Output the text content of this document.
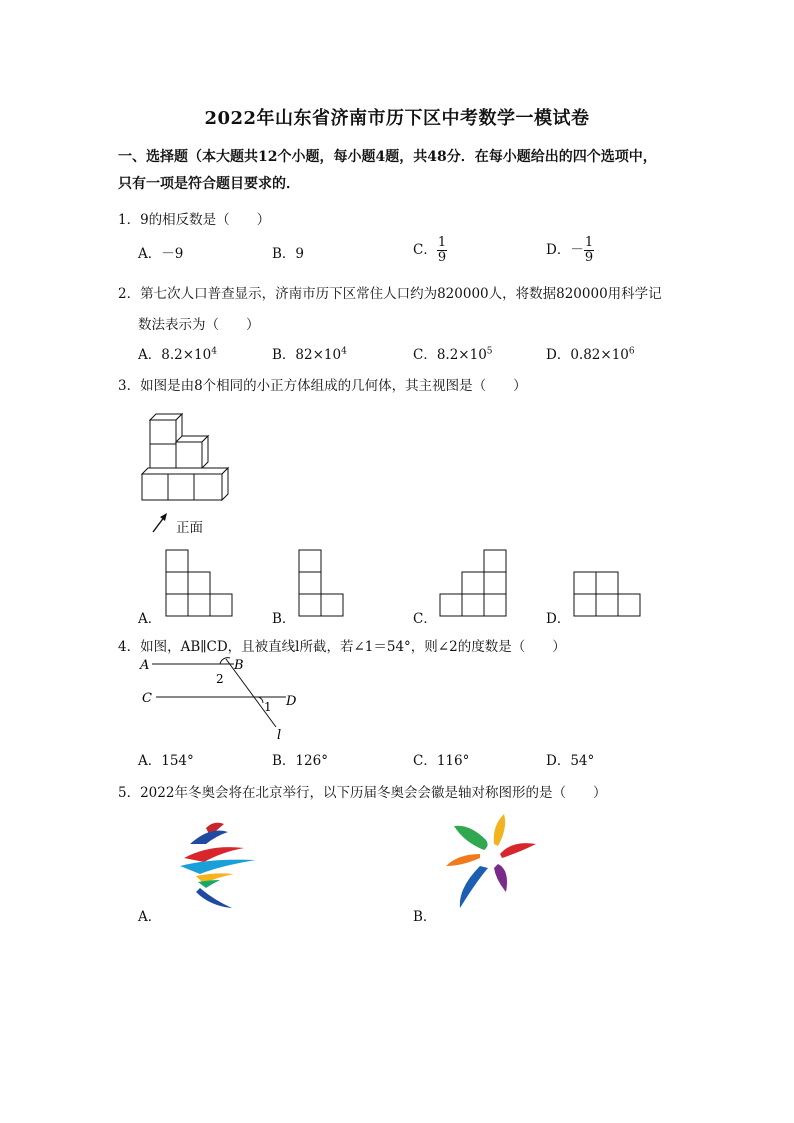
2022年山东省济南市历下区中考数学一模试卷
一、选择题（本大题共12个小题，每小题4题，共48分．在每小题给出的四个选项中，
只有一项是符合题目要求的．
1．9的相反数是（　　）
A．－9	B．9	C． $\frac{1}{9}$	D．－ $\frac{1}{9}$
2．第七次人口普查显示，济南市历下区常住人口约为820000人，将数据820000用科学记
数法表示为（　　）
A．$8.2\times 10^4$	B．$82\times 10^4$	C．$8.2\times 10^5$	D．$0.82\times 10^6$
3．如图是由8个相同的小正方体组成的几何体，其主视图是（　　）
正面
A．	B．	C．	D．
4．如图，AB∥CD，且被直线l所截，若∠1＝54°，则∠2的度数是（　　）
A	B
C	D
l
1
2
A．154°	B．126°	C．116°	D．54°
5．2022年冬奥会将在北京举行，以下历届冬奥会会徽是轴对称图形的是（　　）
A．	B．
